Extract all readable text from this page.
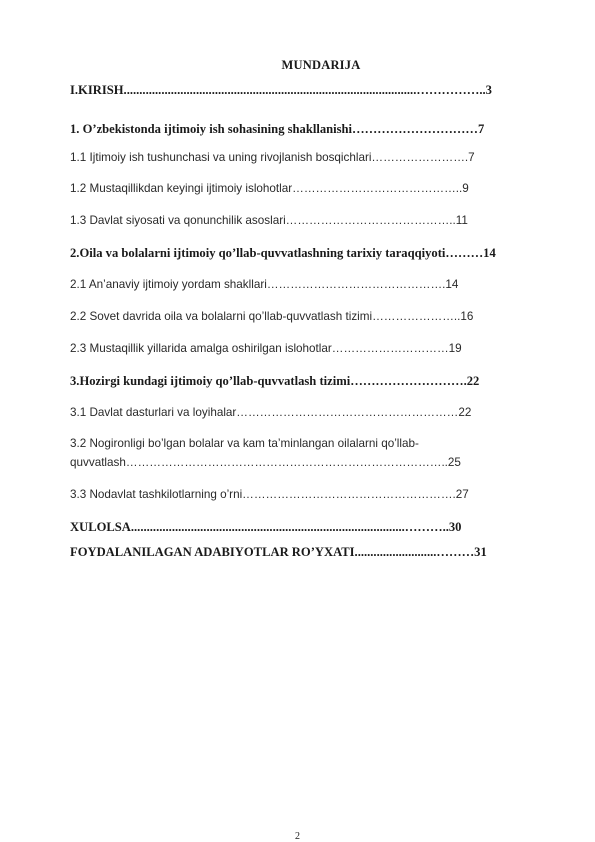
MUNDARIJA
I.KIRISH.............................................................................................……………..3
1. O’zbekistonda ijtimoiy ish sohasining shakllanishi…………………………7
1.1 Ijtimoiy ish tushunchasi va uning rivojlanish bosqichlari…………………….7
1.2 Mustaqillikdan keyingi ijtimoiy islohotlar……………………………………..9
1.3 Davlat siyosati va qonunchilik asoslari……………………………………..11
2.Oila va bolalarni ijtimoiy qo’llab-quvvatlashning tarixiy taraqqiyoti………14
2.1 An’anaviy ijtimoiy yordam shakllari……………………………………….14
2.2 Sovet davrida oila va bolalarni qo’llab-quvvatlash tizimi…………………..16
2.3 Mustaqillik yillarida amalga oshirilgan islohotlar…………………………19
3.Hozirgi kundagi ijtimoiy qo’llab-quvvatlash tizimi……………………….22
3.1 Davlat dasturlari va loyihalar…………………………………………………22
3.2 Nogironligi bo’lgan bolalar va kam ta’minlangan oilalarni qo’llab-
quvvatlash………………………………………………………………………..25
3.3 Nodavlat tashkilotlarning o’rni……………………………………………….27
XULOLSA.......................................................................................………..30
FOYDALANILAGAN ADABIYOTLAR RO’YXATI..........................………31
2
